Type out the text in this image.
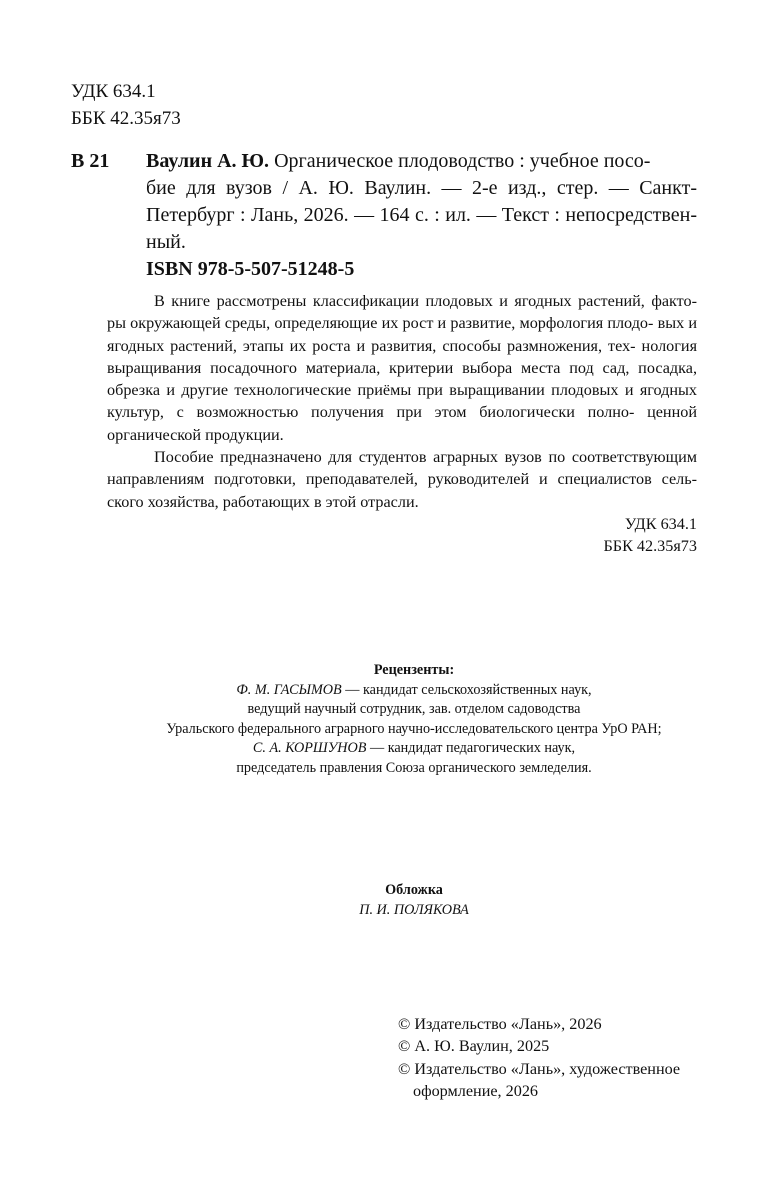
УДК 634.1
ББК 42.35я73
В 21 Ваулин А. Ю. Органическое плодоводство : учебное посо-
бие для вузов / А. Ю. Ваулин. — 2-е изд., стер. — Санкт-
Петербург : Лань, 2026. — 164 с. : ил. — Текст : непосредствен-
ный.
ISBN 978-5-507-51248-5

В книге рассмотрены классификации плодовых и ягодных растений, факто- ры окружающей среды, определяющие их рост и развитие, морфология плодо- вых и ягодных растений, этапы их роста и развития, способы размножения, тех- нология выращивания посадочного материала, критерии выбора места под сад, посадка, обрезка и другие технологические приёмы при выращивании плодовых и ягодных культур, с возможностью получения при этом биологически полно- ценной органической продукции.

Пособие предназначено для студентов аграрных вузов по соответствующим направлениям подготовки, преподавателей, руководителей и специалистов сель- ского хозяйства, работающих в этой отрасли.

УДК 634.1
ББК 42.35я73
Рецензенты:
Ф. М. ГАСЫМОВ — кандидат сельскохозяйственных наук,
ведущий научный сотрудник, зав. отделом садоводства
Уральского федерального аграрного научно-исследовательского центра УрО РАН;
С. А. КОРШУНОВ — кандидат педагогических наук,
председатель правления Союза органического земледелия.
Обложка
П. И. ПОЛЯКОВА
© Издательство «Лань», 2026
© А. Ю. Ваулин, 2025
© Издательство «Лань», художественное
оформление, 2026
